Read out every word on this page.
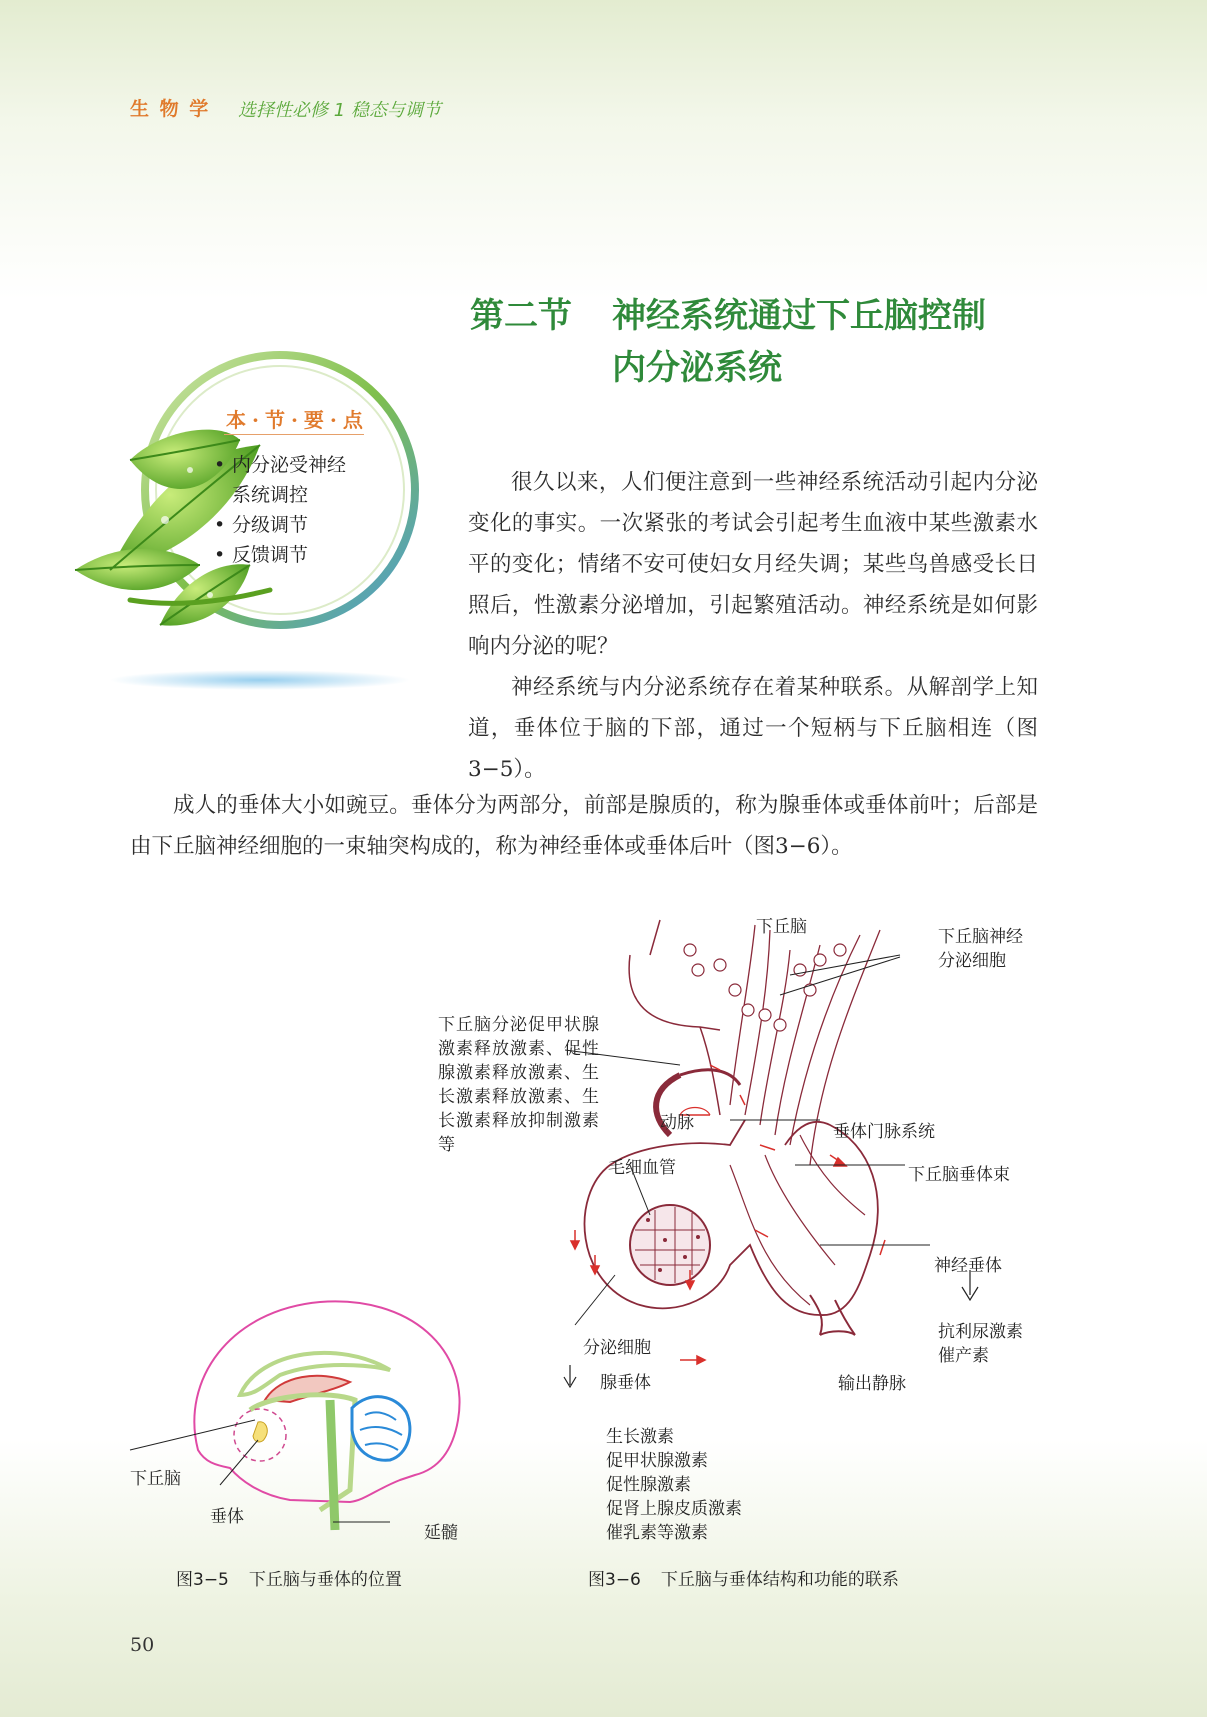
生 物 学 选择性必修 1 稳态与调节
第二节 神经系统通过下丘脑控制
内分泌系统
本·节·要·点
• 内分泌受神经系统调控
• 分级调节
• 反馈调节

很久以来，人们便注意到一些神经系统活动引起内分泌变化的事实。一次紧张的考试会引起考生血液中某些激素水平的变化；情绪不安可使妇女月经失调；某些鸟兽感受长日照后，性激素分泌增加，引起繁殖活动。神经系统是如何影响内分泌的呢？

神经系统与内分泌系统存在着某种联系。从解剖学上知道，垂体位于脑的下部，通过一个短柄与下丘脑相连（图3−5）。

成人的垂体大小如豌豆。垂体分为两部分，前部是腺质的，称为腺垂体或垂体前叶；后部是由下丘脑神经细胞的一束轴突构成的，称为神经垂体或垂体后叶（图3−6）。

下丘脑
垂体
延髓
图3−5 下丘脑与垂体的位置
下丘脑	下丘脑神经分泌细胞
下丘脑分泌促甲状腺激素释放激素、促性腺激素释放激素、生长激素释放激素、生长激素释放抑制激素等
动脉	垂体门脉系统
毛细血管	下丘脑垂体束
神经垂体
抗利尿激素
催产素
分泌细胞
腺垂体	输出静脉
生长激素
促甲状腺激素
促性腺激素
促肾上腺皮质激素
催乳素等激素
图3−6 下丘脑与垂体结构和功能的联系
50
